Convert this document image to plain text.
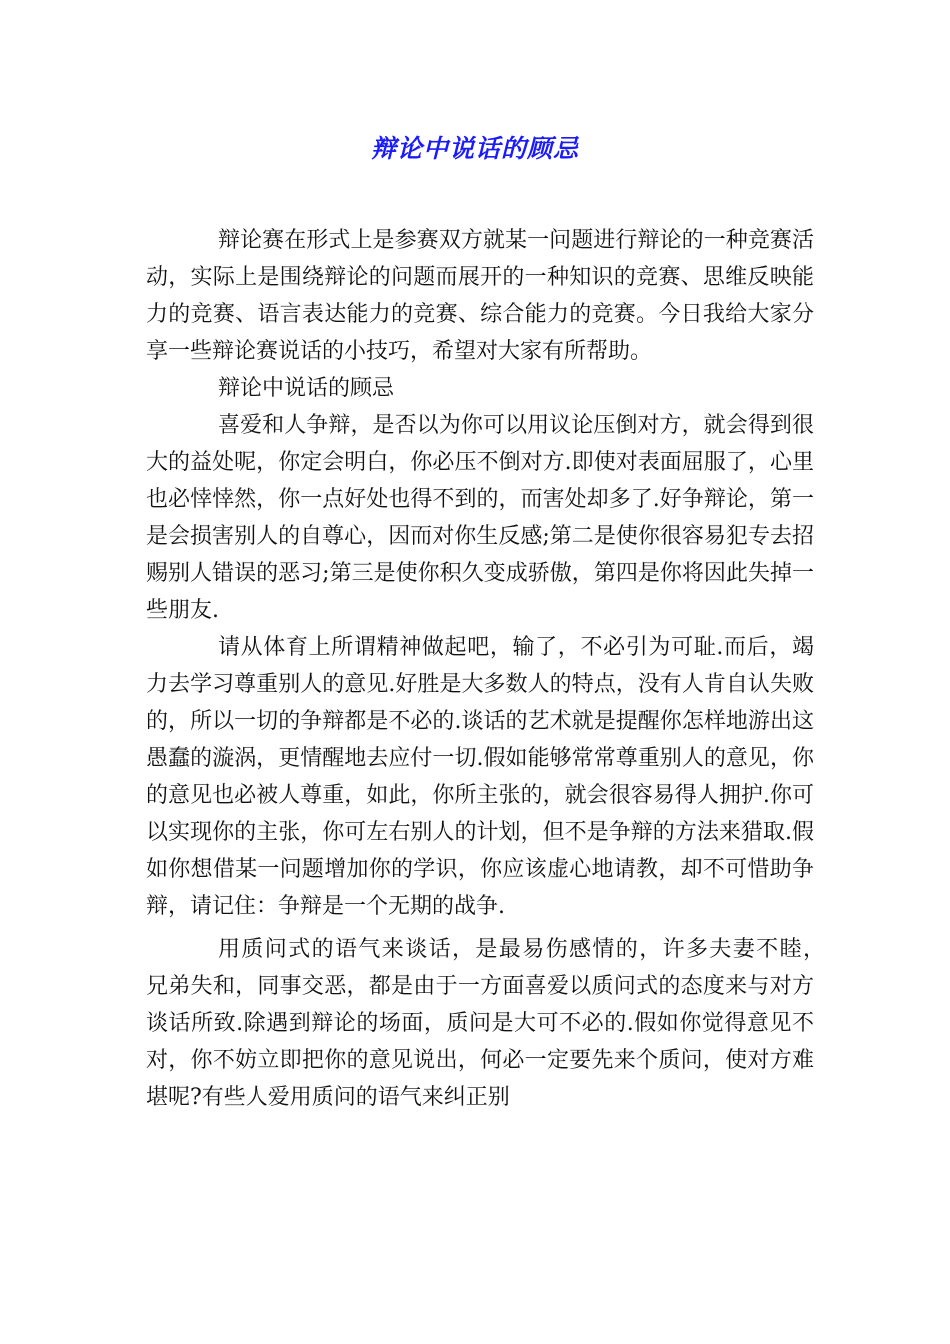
辩论中说话的顾忌

辩论赛在形式上是参赛双方就某一问题进行辩论的一种竞赛活动，实际上是围绕辩论的问题而展开的一种知识的竞赛、思维反映能力的竞赛、语言表达能力的竞赛、综合能力的竞赛。今日我给大家分享一些辩论赛说话的小技巧，希望对大家有所帮助。

辩论中说话的顾忌

喜爱和人争辩，是否以为你可以用议论压倒对方，就会得到很大的益处呢，你定会明白，你必压不倒对方.即使对表面屈服了，心里也必悻悻然，你一点好处也得不到的，而害处却多了.好争辩论，第一是会损害别人的自尊心，因而对你生反感;第二是使你很容易犯专去招赐别人错误的恶习;第三是使你积久变成骄傲，第四是你将因此失掉一些朋友.

请从体育上所谓精神做起吧，输了，不必引为可耻.而后，竭力去学习尊重别人的意见.好胜是大多数人的特点，没有人肯自认失败的，所以一切的争辩都是不必的.谈话的艺术就是提醒你怎样地游出这愚蠢的漩涡，更情醒地去应付一切.假如能够常常尊重别人的意见，你的意见也必被人尊重，如此，你所主张的，就会很容易得人拥护.你可以实现你的主张，你可左右别人的计划，但不是争辩的方法来猎取.假如你想借某一问题增加你的学识，你应该虚心地请教，却不可惜助争辩，请记住：争辩是一个无期的战争.

用质问式的语气来谈话，是最易伤感情的，许多夫妻不睦，　兄弟失和，同事交恶，都是由于一方面喜爱以质问式的态度来与对方谈话所致.除遇到辩论的场面，质问是大可不必的.假如你觉得意见不对，你不妨立即把你的意见说出，何必一定要先来个质问，使对方难堪呢?有些人爱用质问的语气来纠正别
